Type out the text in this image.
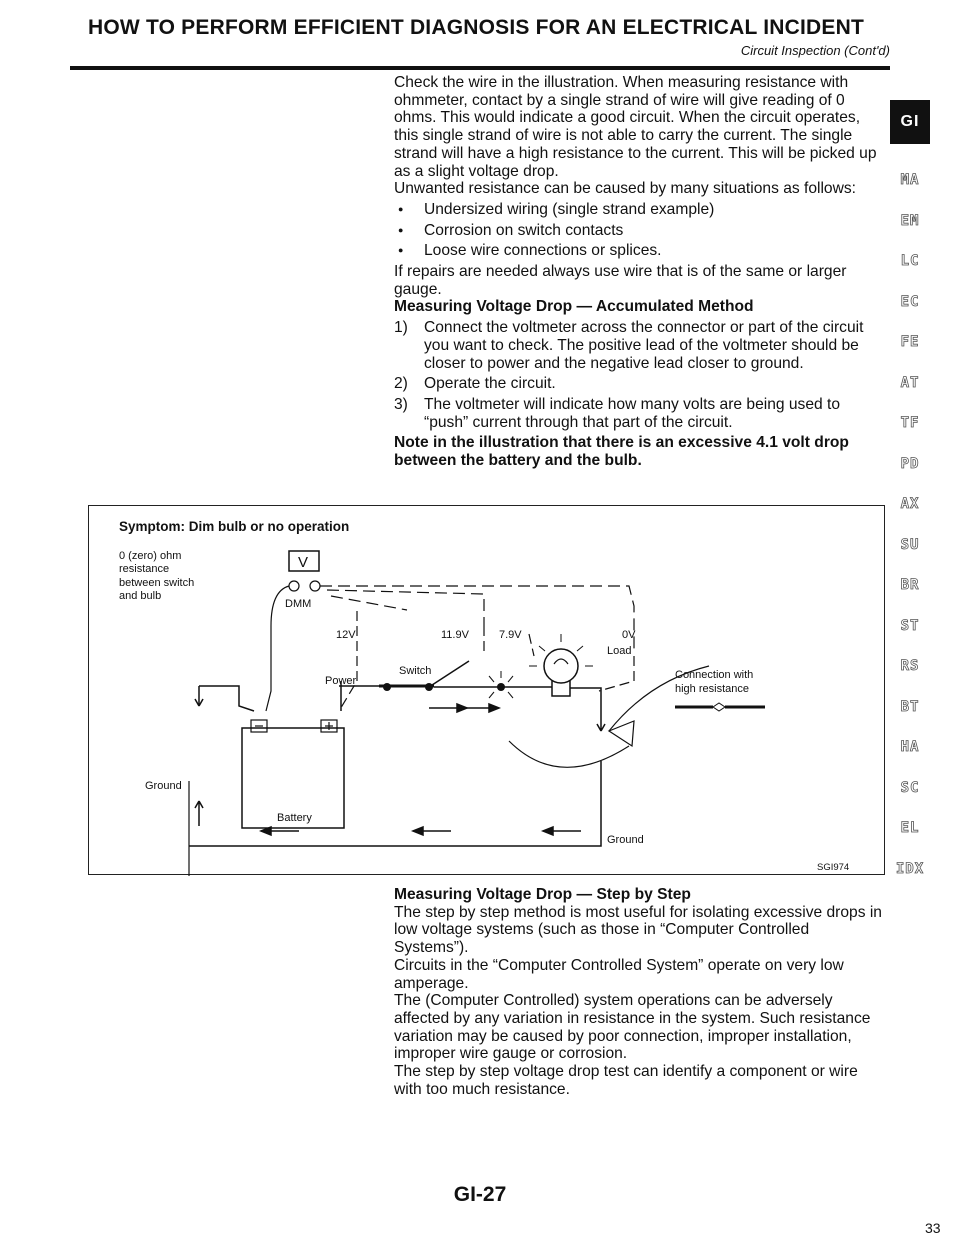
HOW TO PERFORM EFFICIENT DIAGNOSIS FOR AN ELECTRICAL INCIDENT
Circuit Inspection (Cont'd)

Check the wire in the illustration. When measuring resistance with ohmmeter, contact by a single strand of wire will give reading of 0 ohms. This would indicate a good circuit. When the circuit operates, this single strand of wire is not able to carry the current. The single strand will have a high resistance to the current. This will be picked up as a slight voltage drop.

Unwanted resistance can be caused by many situations as follows:

● Undersized wiring (single strand example)

● Corrosion on switch contacts

● Loose wire connections or splices.

If repairs are needed always use wire that is of the same or larger gauge.

Measuring Voltage Drop — Accumulated Method

1) Connect the voltmeter across the connector or part of the circuit you want to check. The positive lead of the voltmeter should be closer to power and the negative lead closer to ground.

2) Operate the circuit.

3) The voltmeter will indicate how many volts are being used to “push” current through that part of the circuit.

Note in the illustration that there is an excessive 4.1 volt drop between the battery and the bulb.

Symptom: Dim bulb or no operation
0 (zero) ohm
resistance
between switch
and bulb
V
DMM
12V	11.9V	7.9V	0V
Load
Power
Switch
Battery
Connection with
high resistance
Ground
Ground
SGI974

Measuring Voltage Drop — Step by Step

The step by step method is most useful for isolating excessive drops in low voltage systems (such as those in “Computer Controlled Systems”).

Circuits in the “Computer Controlled System” operate on very low amperage.

The (Computer Controlled) system operations can be adversely affected by any variation in resistance in the system. Such resistance variation may be caused by poor connection, improper installation, improper wire gauge or corrosion.

The step by step voltage drop test can identify a component or wire with too much resistance.

GI
MA
EM
LC
EC
FE
AT
TF
PD
AX
SU
BR
ST
RS
BT
HA
SC
EL
IDX
GI-27
33
